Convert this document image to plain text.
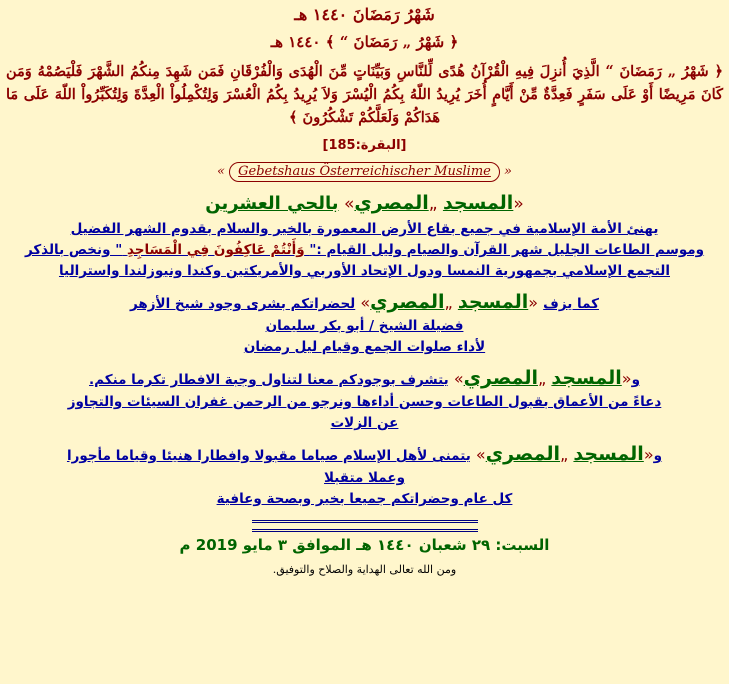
شَهْرُ رَمَضَانَ ١٤٤٠ هـ
﴿ شَهْرُ „ رَمَضَانَ “ ﴾ ١٤٤٠ هـ
﴿ شَهْرُ „ رَمَضَانَ “ الَّذِيَ أُنزِلَ فِيهِ الْقُرْآنُ هُدًى لِّلنَّاسِ وَبَيِّنَاتٍ مِّنَ الْهُدَى وَالْفُرْقَانِ فَمَن شَهِدَ مِنكُمُ الشَّهْرَ فَلْيَصُمْهُ وَمَن كَانَ مَرِيضًا أَوْ عَلَى سَفَرٍ فَعِدَّةٌ مِّنْ أَيَّامٍ أُخَرَ يُرِيدُ اللّهُ بِكُمُ الْيُسْرَ وَلاَ يُرِيدُ بِكُمُ الْعُسْرَ وَلِتُكْمِلُواْ الْعِدَّةَ وَلِتُكَبِّرُواْ اللّهَ عَلَى مَا هَدَاكُمْ وَلَعَلَّكُمْ تَشْكُرُونَ ﴾
[البقرة:185]
« Gebetshaus Österreichischer Muslime »
«المسجد „المصري» بالحي العشرين
يهنئ الأمة الإسلامية في جميع بقاع الأرض المعمورة بالخير والسلام بقدوم الشهر الفضيل
وموسم الطاعات الجليل شهر القرآن والصيام وليل القيام :" وَأَنْتُمْ عَاكِفُونَ فِي الْمَسَاجِدِ " ونخص بالذكر
التجمع الإسلامي بجمهورية النمسا ودول الإتحاد الأوربي والأمريكتين وكندا ونيوزلندا واستراليا
كما يزف «المسجد „المصري» لحضراتكم بشرى وجود شيخ الأزهر
فضيلة الشيخ / أبو بكر سليمان
لأداء صلوات الجمع وقيام ليل رمضان
و«المسجد „المصري» يتشرف بوجودكم معنا لتناول وجبة الافطار تكرما منكم.
دعاءً من الأعماق بقبول الطاعات وحسن أداءها ونرجو من الرحمن غفران السيئات والتجاوز
عن الزلات
و«المسجد „المصري» يتمنى لأهل الإسلام صياما مقبولا وافطارا هنيئا وقياما مأجورا
وعملا متقبلا
كل عام وحضراتكم جميعا بخير وبصحة وعافية
السبت: ٢٩ شعبان ١٤٤٠ هـ الموافق ٣ مايو 2019 م
ومن الله تعالى الهداية والصلاح والتوفيق.
